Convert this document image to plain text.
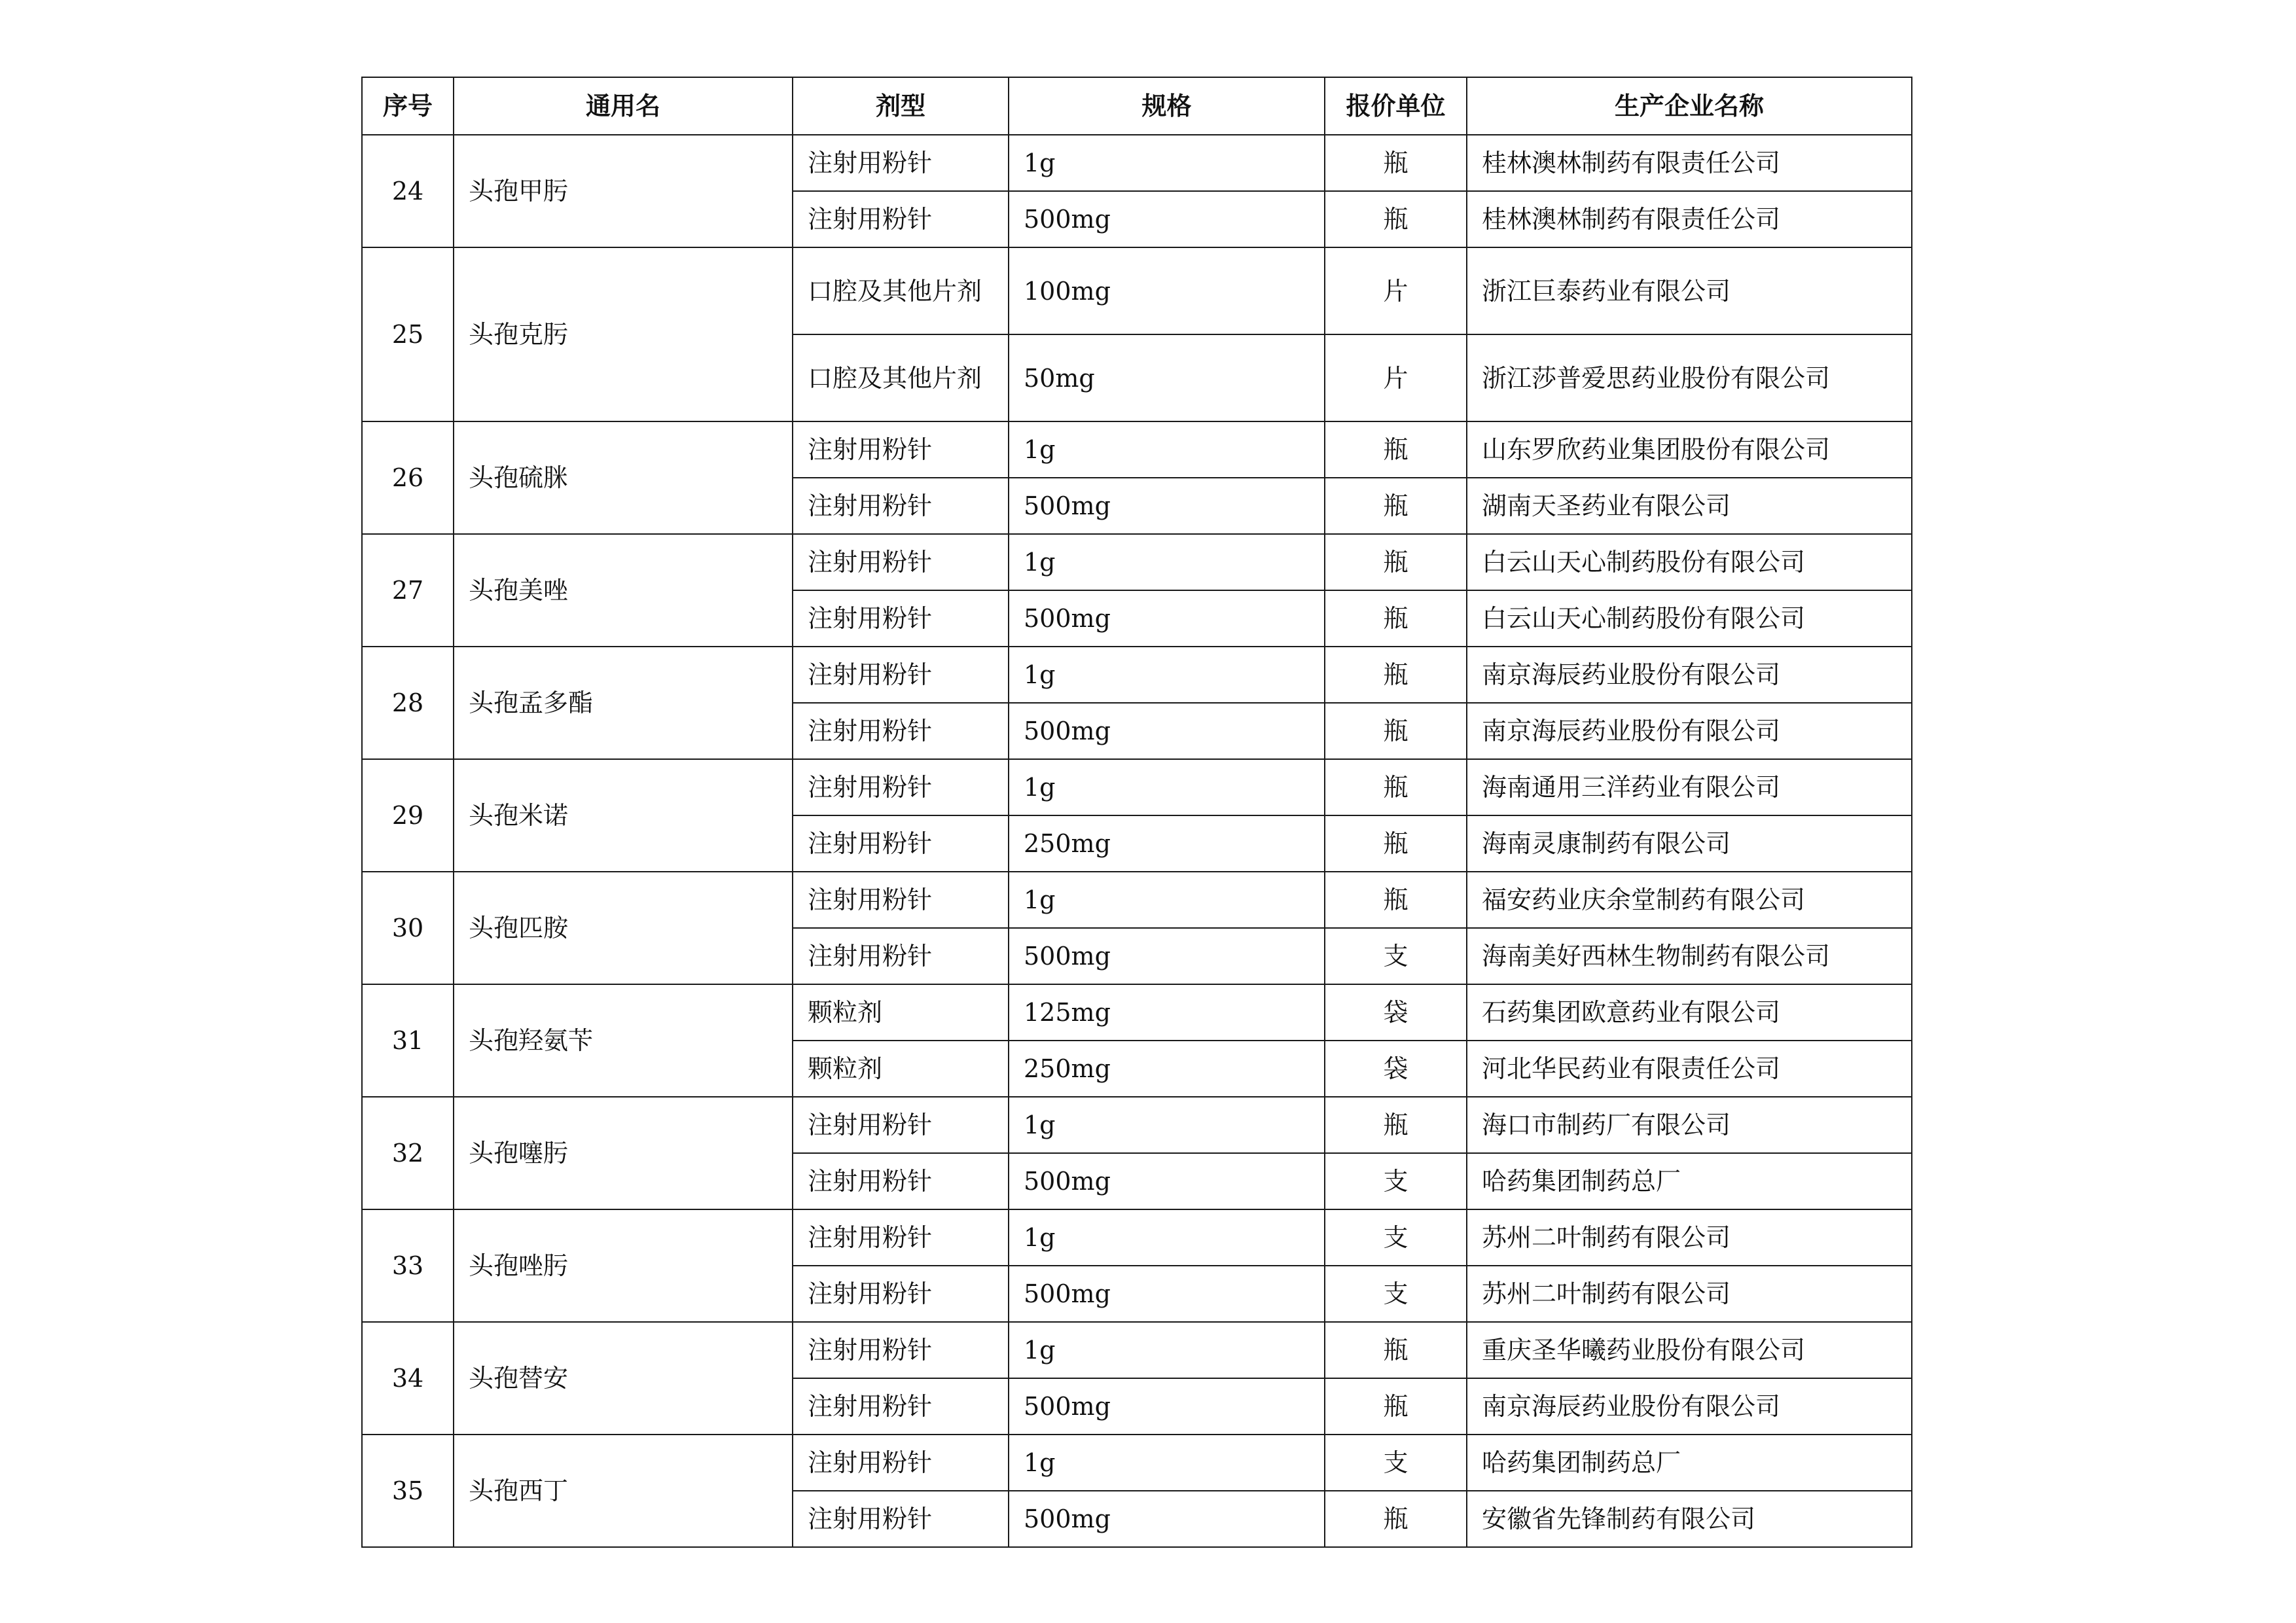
序号	通用名	剂型	规格	报价单位	生产企业名称
24	头孢甲肟	注射用粉针	1g	瓶	桂林澳林制药有限责任公司
		注射用粉针	500mg	瓶	桂林澳林制药有限责任公司
25	头孢克肟	口腔及其他片剂	100mg	片	浙江巨泰药业有限公司
		口腔及其他片剂	50mg	片	浙江莎普爱思药业股份有限公司
26	头孢硫脒	注射用粉针	1g	瓶	山东罗欣药业集团股份有限公司
		注射用粉针	500mg	瓶	湖南天圣药业有限公司
27	头孢美唑	注射用粉针	1g	瓶	白云山天心制药股份有限公司
		注射用粉针	500mg	瓶	白云山天心制药股份有限公司
28	头孢孟多酯	注射用粉针	1g	瓶	南京海辰药业股份有限公司
		注射用粉针	500mg	瓶	南京海辰药业股份有限公司
29	头孢米诺	注射用粉针	1g	瓶	海南通用三洋药业有限公司
		注射用粉针	250mg	瓶	海南灵康制药有限公司
30	头孢匹胺	注射用粉针	1g	瓶	福安药业庆余堂制药有限公司
		注射用粉针	500mg	支	海南美好西林生物制药有限公司
31	头孢羟氨苄	颗粒剂	125mg	袋	石药集团欧意药业有限公司
		颗粒剂	250mg	袋	河北华民药业有限责任公司
32	头孢噻肟	注射用粉针	1g	瓶	海口市制药厂有限公司
		注射用粉针	500mg	支	哈药集团制药总厂
33	头孢唑肟	注射用粉针	1g	支	苏州二叶制药有限公司
		注射用粉针	500mg	支	苏州二叶制药有限公司
34	头孢替安	注射用粉针	1g	瓶	重庆圣华曦药业股份有限公司
		注射用粉针	500mg	瓶	南京海辰药业股份有限公司
35	头孢西丁	注射用粉针	1g	支	哈药集团制药总厂
		注射用粉针	500mg	瓶	安徽省先锋制药有限公司
